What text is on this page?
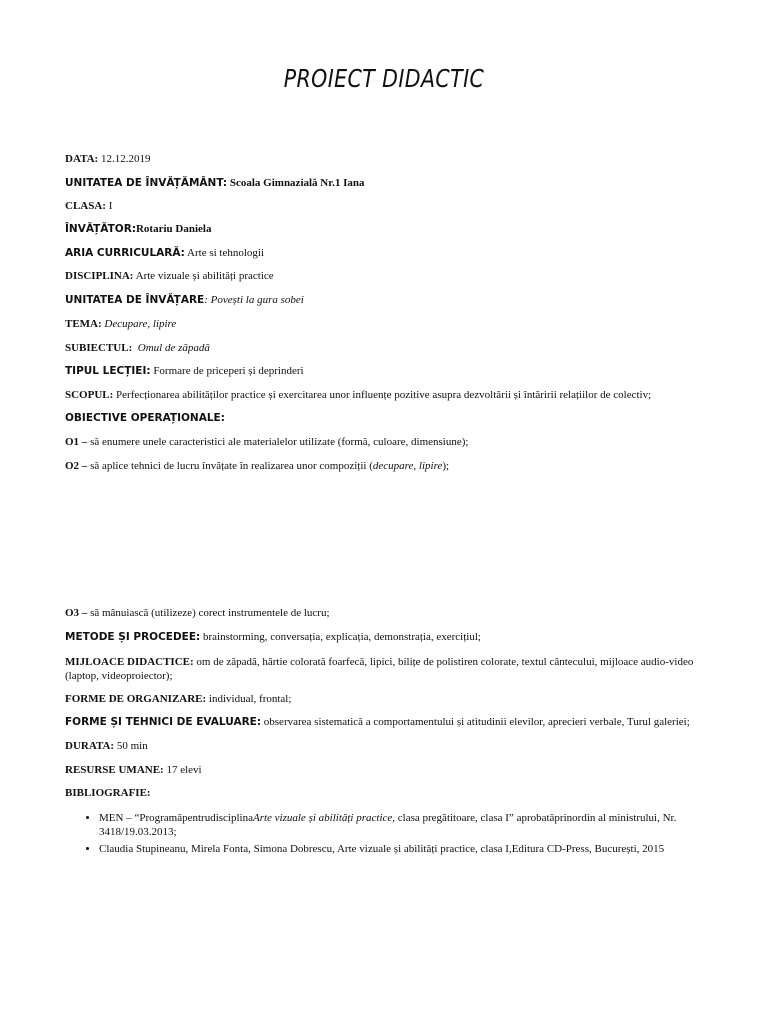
PROIECT DIDACTIC
DATA: 12.12.2019
UNITATEA DE ÎNVĂȚĂMÂNT: Scoala Gimnazială Nr.1 Iana
CLASA: I
ÎNVĂȚĂTOR:Rotariu Daniela
ARIA CURRICULARĂ: Arte si tehnologii
DISCIPLINA: Arte vizuale și abilități practice
UNITATEA DE ÎNVĂȚARE: Povești la gura sobei
TEMA: Decupare, lipire
SUBIECTUL: Omul de zăpadă
TIPUL LECȚIEI: Formare de priceperi și deprinderi
SCOPUL: Perfecționarea abilităților practice și exercitarea unor influențe pozitive asupra dezvoltării și întăririi relațiilor de colectiv;
OBIECTIVE OPERAȚIONALE:
O1 – să enumere unele caracteristici ale materialelor utilizate (formă, culoare, dimensiune);
O2 – să aplice tehnici de lucru învățate în realizarea unor compoziții (decupare, lipire);
O3 – să mânuiască (utilizeze) corect instrumentele de lucru;
METODE ȘI PROCEDEE: brainstorming, conversația, explicația, demonstrația, exercițiul;
MIJLOACE DIDACTICE: om de zăpadă, hârtie colorată foarfecă, lipici, bilițe de polistiren colorate, textul cântecului, mijloace audio-video (laptop, videoproiector);
FORME DE ORGANIZARE: individual, frontal;
FORME ȘI TEHNICI DE EVALUARE: observarea sistematică a comportamentului și atitudinii elevilor, aprecieri verbale, Turul galeriei;
DURATA: 50 min
RESURSE UMANE: 17 elevi
BIBLIOGRAFIE:
• MEN – “ProgramăpentrudisciplinaArte vizuale și abilități practice, clasa pregătitoare, clasa I” aprobatăprinordin al ministrului, Nr. 3418/19.03.2013;
• Claudia Stupineanu, Mirela Fonta, Simona Dobrescu, Arte vizuale și abilități practice, clasa I,Editura CD-Press, București, 2015
